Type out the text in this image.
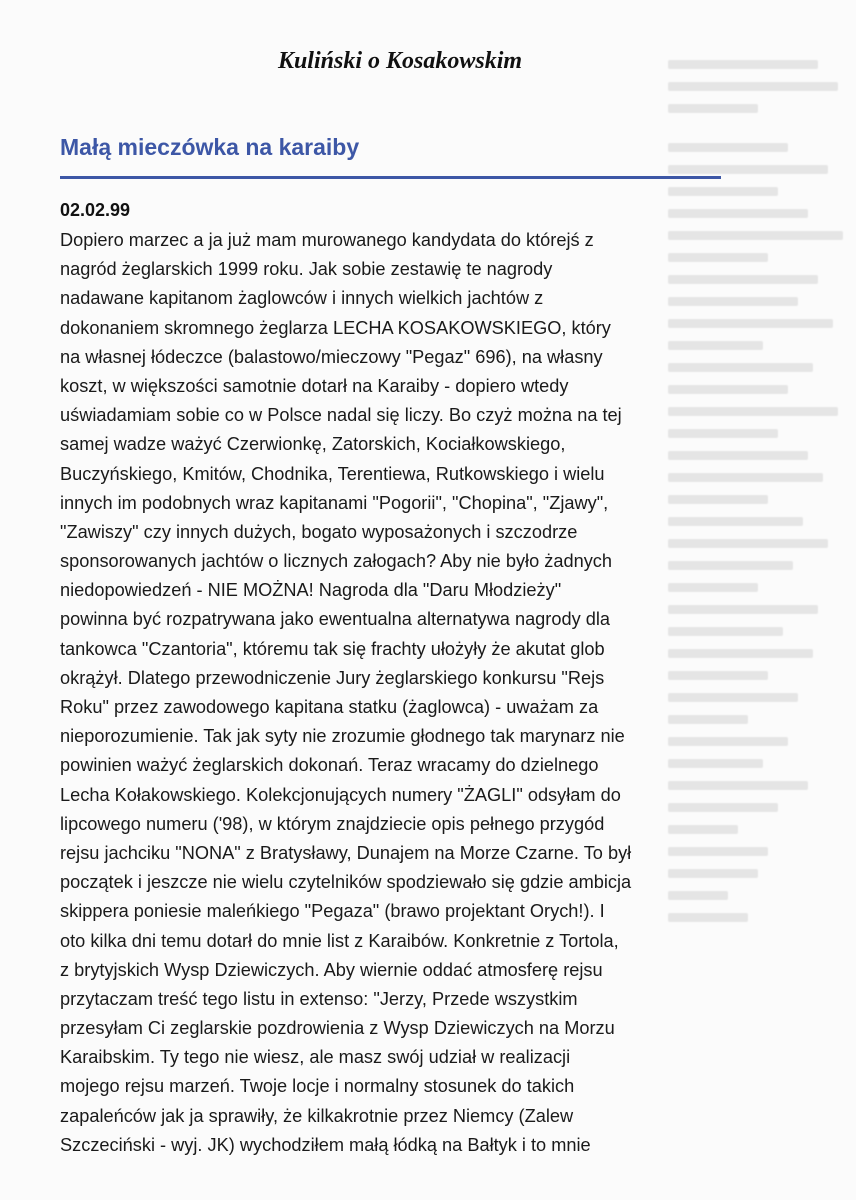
Kuliński o Kosakowskim
Małą mieczówka na karaiby
02.02.99
Dopiero marzec a ja już mam murowanego kandydata do którejś z
nagród żeglarskich 1999 roku. Jak sobie zestawię te nagrody
nadawane kapitanom żaglowców i innych wielkich jachtów z
dokonaniem skromnego żeglarza LECHA KOSAKOWSKIEGO, który
na własnej łódeczce (balastowo/mieczowy "Pegaz" 696), na własny
koszt, w większości samotnie dotarł na Karaiby - dopiero wtedy
uświadamiam sobie co w Polsce nadal się liczy. Bo czyż można na tej
samej wadze ważyć Czerwionkę, Zatorskich, Kociałkowskiego,
Buczyńskiego, Kmitów, Chodnika, Terentiewa, Rutkowskiego i wielu
innych im podobnych wraz kapitanami "Pogorii", "Chopina", "Zjawy",
"Zawiszy" czy innych dużych, bogato wyposażonych i szczodrze
sponsorowanych jachtów o licznych załogach? Aby nie było żadnych
niedopowiedzeń - NIE MOŻNA! Nagroda dla "Daru Młodzieży"
powinna być rozpatrywana jako ewentualna alternatywa nagrody dla
tankowca "Czantoria", któremu tak się frachty ułożyły że akutat glob
okrążył. Dlatego przewodniczenie Jury żeglarskiego konkursu "Rejs
Roku" przez zawodowego kapitana statku (żaglowca) - uważam za
nieporozumienie. Tak jak syty nie zrozumie głodnego tak marynarz nie
powinien ważyć żeglarskich dokonań. Teraz wracamy do dzielnego
Lecha Kołakowskiego. Kolekcjonujących numery "ŻAGLI" odsyłam do
lipcowego numeru ('98), w którym znajdziecie opis pełnego przygód
rejsu jachciku "NONA" z Bratysławy, Dunajem na Morze Czarne. To był
początek i jeszcze nie wielu czytelników spodziewało się gdzie ambicja
skippera poniesie maleńkiego "Pegaza" (brawo projektant Orych!). I
oto kilka dni temu dotarł do mnie list z Karaibów. Konkretnie z Tortola,
z brytyjskich Wysp Dziewiczych. Aby wiernie oddać atmosferę rejsu
przytaczam treść tego listu in extenso: "Jerzy, Przede wszystkim
przesyłam Ci zeglarskie pozdrowienia z Wysp Dziewiczych na Morzu
Karaibskim. Ty tego nie wiesz, ale masz swój udział w realizacji
mojego rejsu marzeń. Twoje locje i normalny stosunek do takich
zapaleńców jak ja sprawiły, że kilkakrotnie przez Niemcy (Zalew
Szczeciński - wyj. JK) wychodziłem małą łódką na Bałtyk i to mnie
